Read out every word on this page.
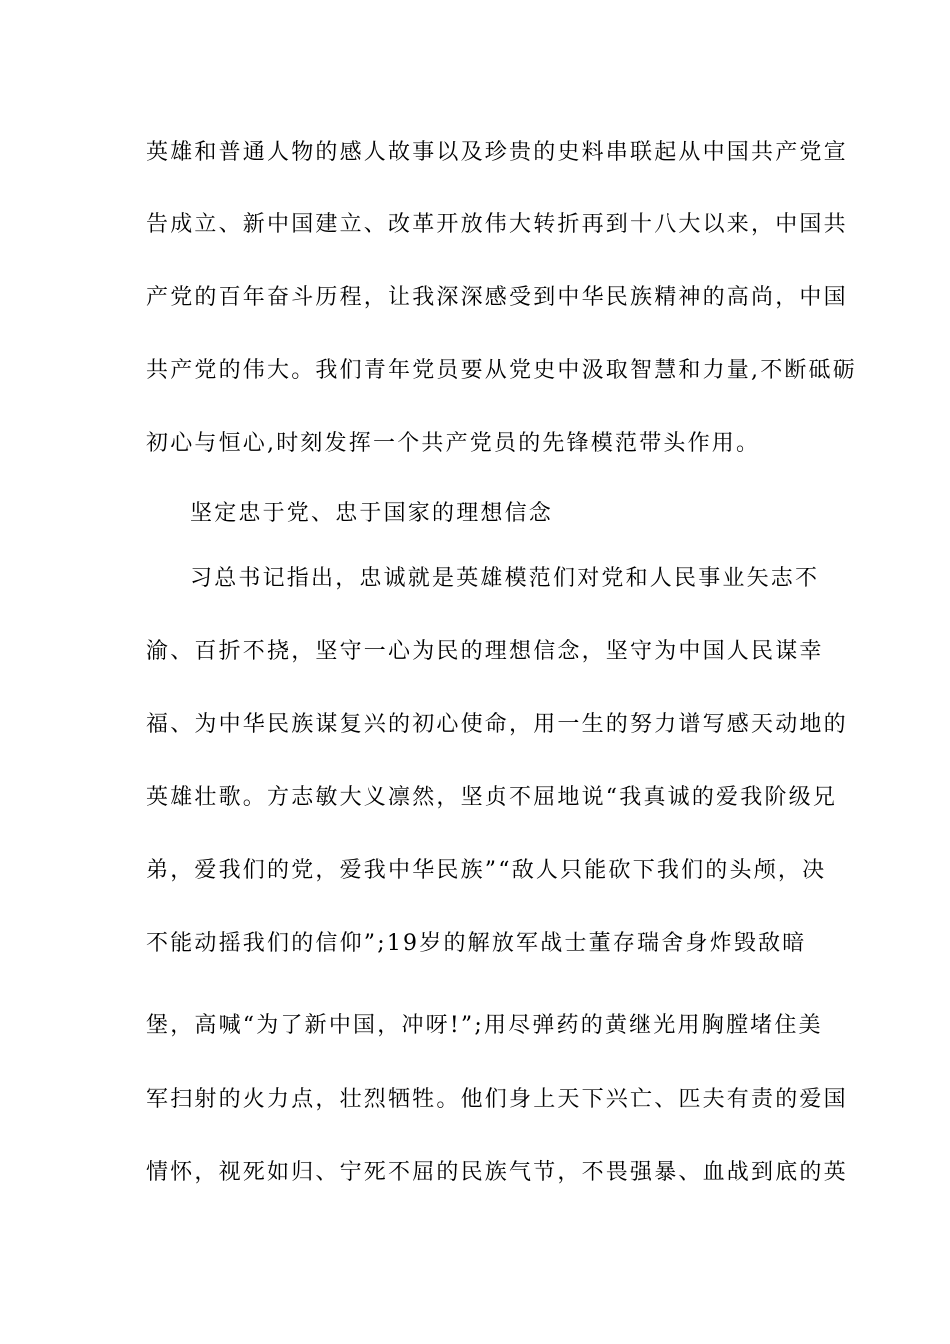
英雄和普通人物的感人故事以及珍贵的史料串联起从中国共产党宣
告成立、新中国建立、改革开放伟大转折再到十八大以来，中国共
产党的百年奋斗历程，让我深深感受到中华民族精神的高尚，中国
共产党的伟大。我们青年党员要从党史中汲取智慧和力量,不断砥砺
初心与恒心,时刻发挥一个共产党员的先锋模范带头作用。
坚定忠于党、忠于国家的理想信念
习总书记指出，忠诚就是英雄模范们对党和人民事业矢志不
渝、百折不挠，坚守一心为民的理想信念，坚守为中国人民谋幸
福、为中华民族谋复兴的初心使命，用一生的努力谱写感天动地的
英雄壮歌。方志敏大义凛然，坚贞不屈地说“我真诚的爱我阶级兄
弟，爱我们的党，爱我中华民族”“敌人只能砍下我们的头颅，决
不能动摇我们的信仰”;19岁的解放军战士董存瑞舍身炸毁敌暗
堡，高喊“为了新中国，冲呀!”;用尽弹药的黄继光用胸膛堵住美
军扫射的火力点，壮烈牺牲。他们身上天下兴亡、匹夫有责的爱国
情怀，视死如归、宁死不屈的民族气节，不畏强暴、血战到底的英
